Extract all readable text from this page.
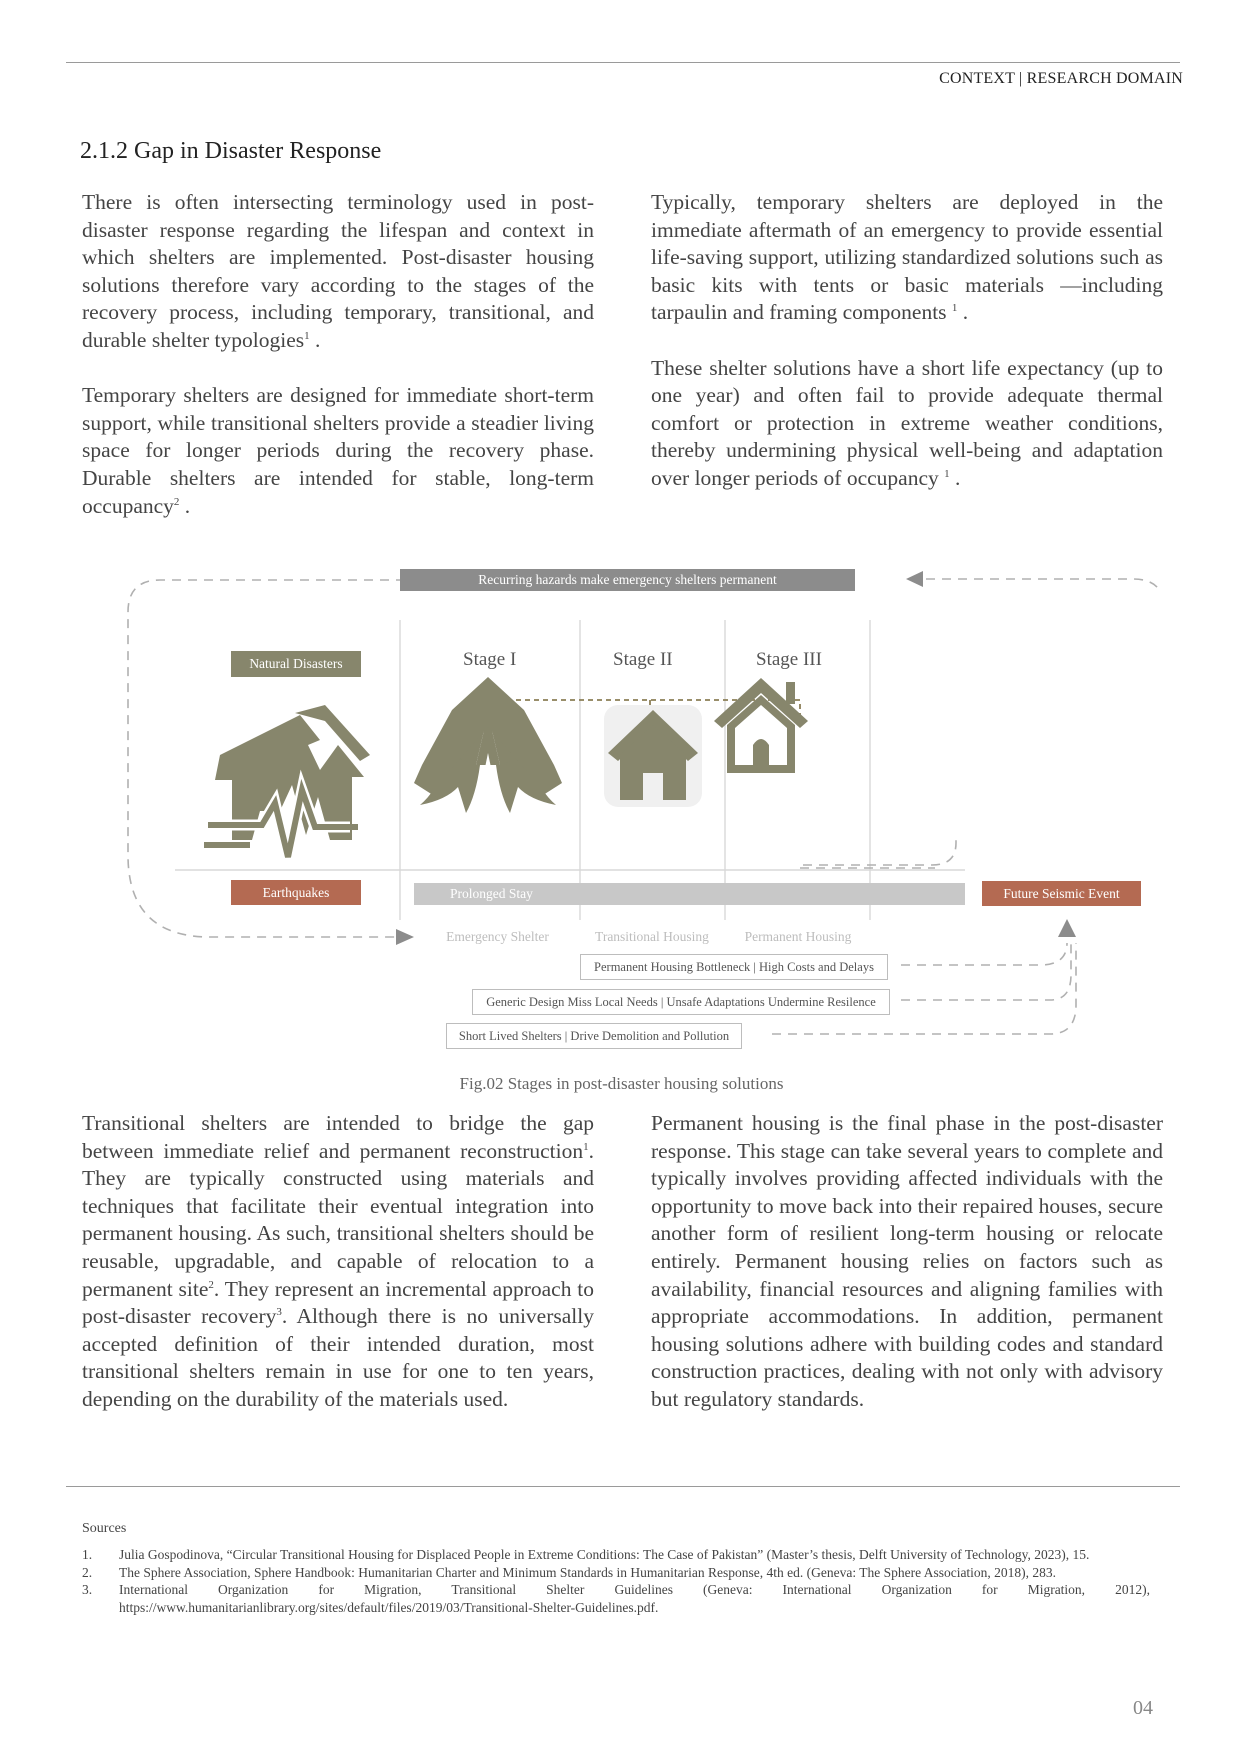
CONTEXT | RESEARCH DOMAIN
2.1.2 Gap in Disaster Response

There is often intersecting terminology used in post-disaster response regarding the lifespan and context in which shelters are implemented. Post-disaster housing solutions therefore vary according to the stages of the recovery process, including temporary, transitional, and durable shelter typologies$^1$ .

Temporary shelters are designed for immediate short-term support, while transitional shelters provide a steadier living space for longer periods during the recovery phase. Durable shelters are intended for stable, long-term occupancy$^2$ .

Typically, temporary shelters are deployed in the immediate aftermath of an emergency to provide essential life-saving support, utilizing standardized solutions such as basic kits with tents or basic materials —including tarpaulin and framing components $^1$ .

These shelter solutions have a short life expectancy (up to one year) and often fail to provide adequate thermal comfort or protection in extreme weather conditions, thereby undermining physical well-being and adaptation over longer periods of occupancy $^1$ .

Recurring hazards make emergency shelters permanent
Natural Disasters	Stage I	Stage II	Stage III
Earthquakes	Prolonged Stay	Future Seismic Event
Emergency Shelter	Transitional Housing	Permanent Housing
Permanent Housing Bottleneck | High Costs and Delays
Generic Design Miss Local Needs | Unsafe Adaptations Undermine Resilence
Short Lived Shelters | Drive Demolition and Pollution
Fig.02 Stages in post-disaster housing solutions

Transitional shelters are intended to bridge the gap between immediate relief and permanent reconstruction$^1$. They are typically constructed using materials and techniques that facilitate their eventual integration into permanent housing. As such, transitional shelters should be reusable, upgradable, and capable of relocation to a permanent site$^2$. They represent an incremental approach to post-disaster recovery$^3$. Although there is no universally accepted definition of their intended duration, most transitional shelters remain in use for one to ten years, depending on the durability of the materials used.

Permanent housing is the final phase in the post-disaster response. This stage can take several years to complete and typically involves providing affected individuals with the opportunity to move back into their repaired houses, secure another form of resilient long-term housing or relocate entirely. Permanent housing relies on factors such as availability, financial resources and aligning families with appropriate accommodations. In addition, permanent housing solutions adhere with building codes and standard construction practices, dealing with not only with advisory but regulatory standards.

Sources
1.	Julia Gospodinova, “Circular Transitional Housing for Displaced People in Extreme Conditions: The Case of Pakistan” (Master’s thesis, Delft University of Technology, 2023), 15.
2.	The Sphere Association, Sphere Handbook: Humanitarian Charter and Minimum Standards in Humanitarian Response, 4th ed. (Geneva: The Sphere Association, 2018), 283.
3.	International Organization for Migration, Transitional Shelter Guidelines (Geneva: International Organization for Migration, 2012), https://www.humanitarianlibrary.org/sites/default/files/2019/03/Transitional-Shelter-Guidelines.pdf.
04
